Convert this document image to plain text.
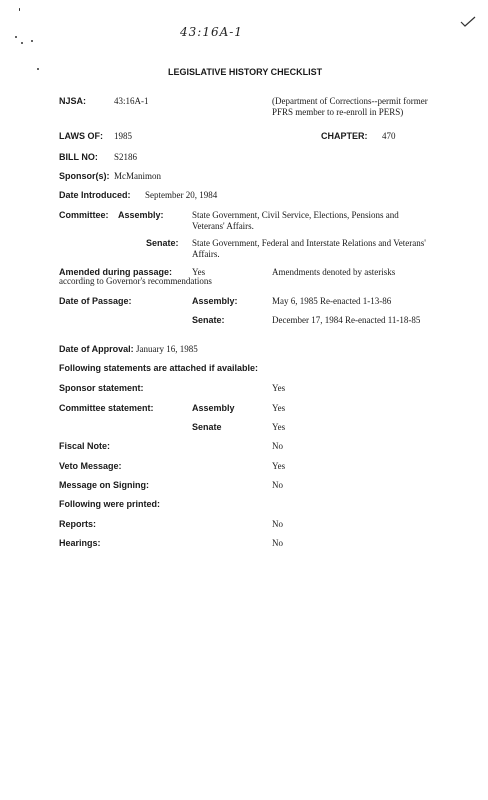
43:16A-1
LEGISLATIVE HISTORY CHECKLIST
NJSA:	43:16A-1	(Department of Corrections--permit former PFRS member to re-enroll in PERS)
LAWS OF: 1985	CHAPTER: 470
BILL NO: S2186
Sponsor(s): McManimon
Date Introduced: September 20, 1984
Committee: Assembly:	State Government, Civil Service, Elections, Pensions and Veterans' Affairs.
Senate: State Government, Federal and Interstate Relations and Veterans' Affairs.
Amended during passage: Yes	Amendments denoted by asterisks
according to Governor's recommendations
Date of Passage:	Assembly:	May 6, 1985 Re-enacted 1-13-86
Senate:	December 17, 1984 Re-enacted 11-18-85
Date of Approval: January 16, 1985
Following statements are attached if available:
Sponsor statement:	Yes
Committee statement:	Assembly	Yes
Senate	Yes
Fiscal Note:	No
Veto Message:	Yes
Message on Signing:	No
Following were printed:
Reports:	No
Hearings:	No
